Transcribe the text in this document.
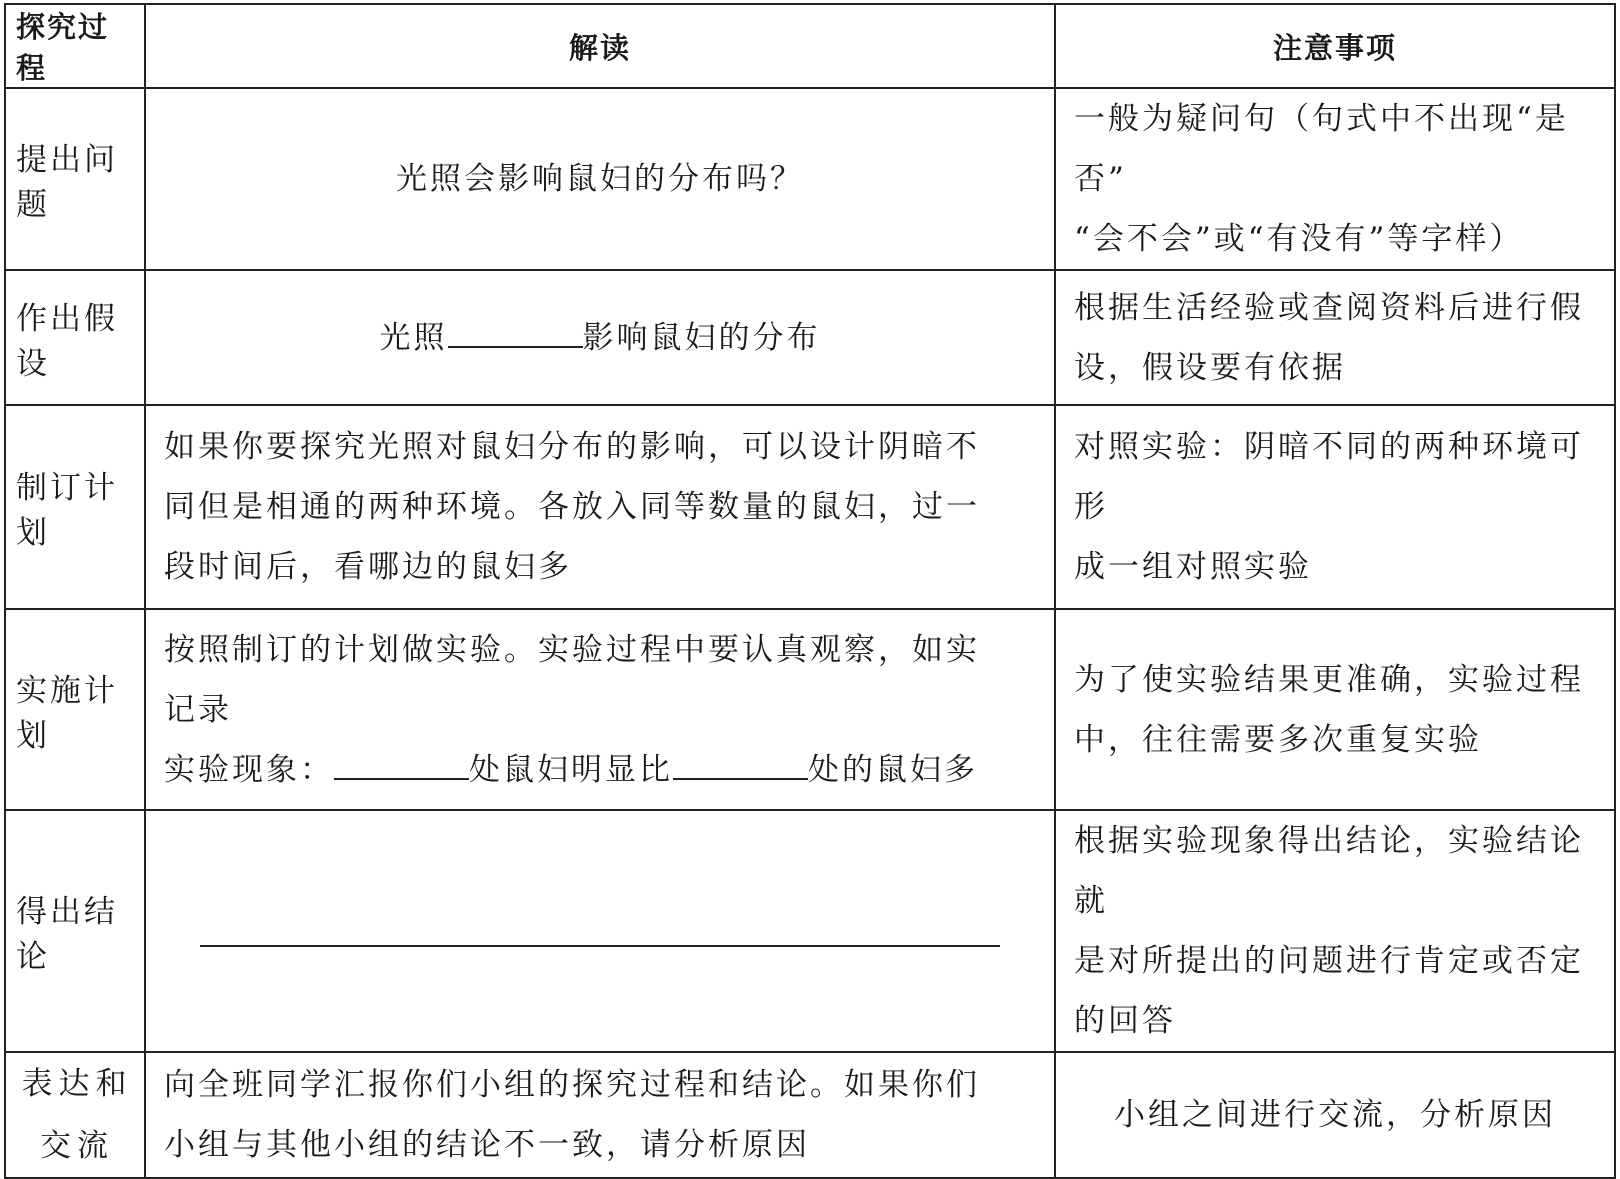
探究过程	解读	注意事项
提出问题	光照会影响鼠妇的分布吗？	一般为疑问句（句式中不出现“是否”
“会不会”或“有没有”等字样）

作出假设	光照 影响鼠妇的分布	根据生活经验或查阅资料后进行假
设，假设要有依据

制订计划	如果你要探究光照对鼠妇分布的影响，可以设计阴暗不
同但是相通的两种环境。各放入同等数量的鼠妇，过一
段时间后，看哪边的鼠妇多	对照实验：阴暗不同的两种环境可形
成一组对照实验

实施计划	按照制订的计划做实验。实验过程中要认真观察，如实
记录
实验现象： 处鼠妇明显比 处的鼠妇多	为了使实验结果更准确，实验过程
中，往往需要多次重复实验

得出结论		根据实验现象得出结论，实验结论就
是对所提出的问题进行肯定或否定
的回答

表达和
交流	向全班同学汇报你们小组的探究过程和结论。如果你们
小组与其他小组的结论不一致，请分析原因	小组之间进行交流，分析原因
